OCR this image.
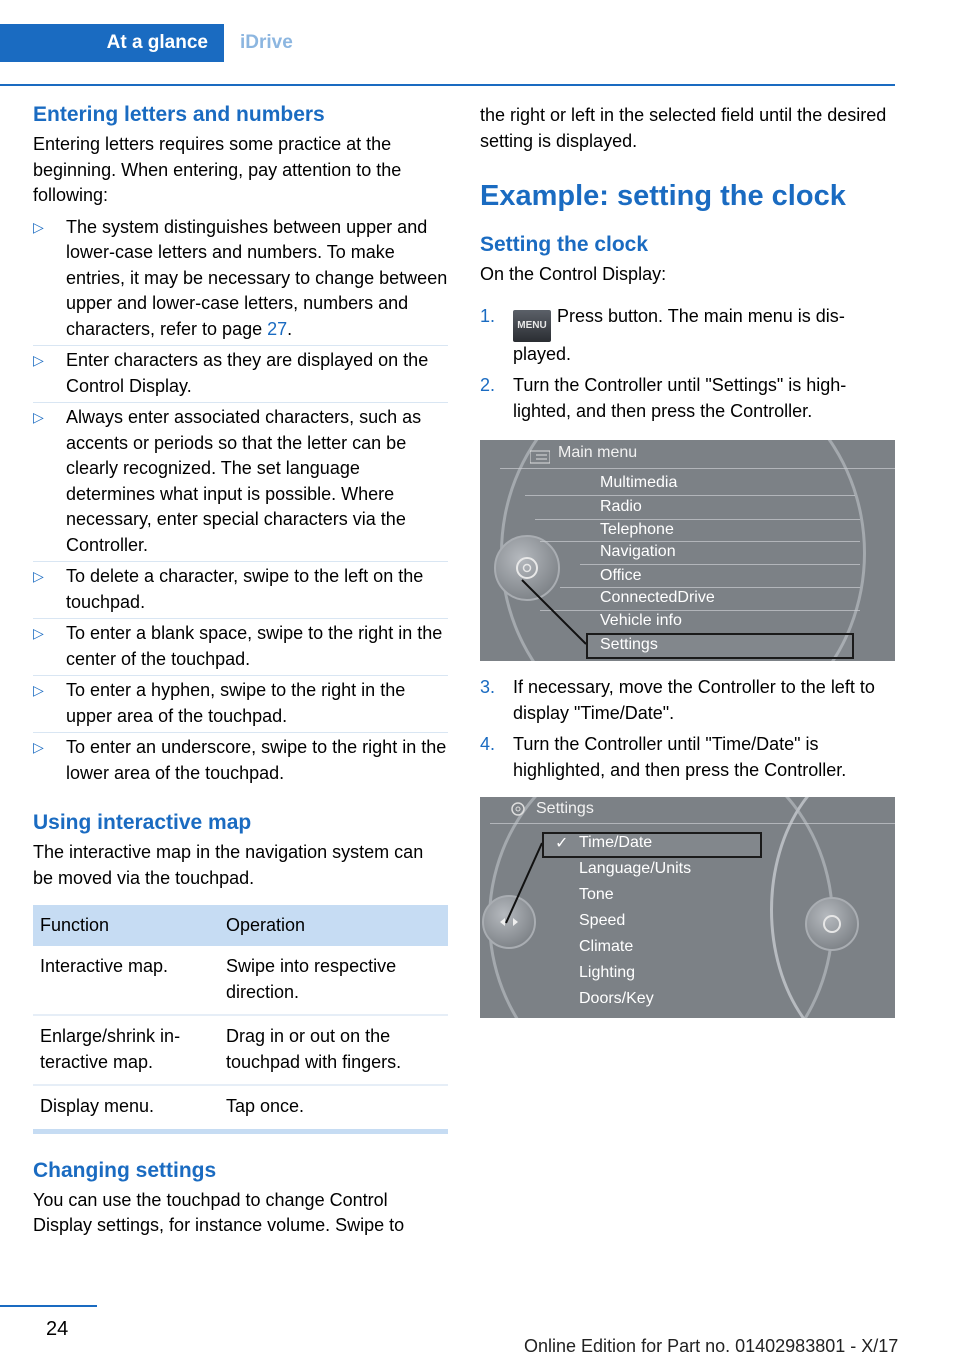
At a glance	iDrive
Entering letters and numbers

Entering letters requires some practice at the beginning. When entering, pay attention to the following:

▷ The system distinguishes between upper and lower-case letters and numbers. To make entries, it may be necessary to change between upper and lower-case letters, numbers and characters, refer to page 27.
▷ Enter characters as they are displayed on the Control Display.
▷ Always enter associated characters, such as accents or periods so that the letter can be clearly recognized. The set language determines what input is possible. Where necessary, enter special characters via the Controller.
▷ To delete a character, swipe to the left on the touchpad.
▷ To enter a blank space, swipe to the right in the center of the touchpad.
▷ To enter a hyphen, swipe to the right in the upper area of the touchpad.
▷ To enter an underscore, swipe to the right in the lower area of the touchpad.
Using interactive map

The interactive map in the navigation system can be moved via the touchpad.

Function	Operation
Interactive map.	Swipe into respective direction.
Enlarge/shrink interactive map.	Drag in or out on the touchpad with fingers.
Display menu.	Tap once.
Changing settings

You can use the touchpad to change Control Display settings, for instance volume. Swipe to

the right or left in the selected field until the desired setting is displayed.

Example: setting the clock
Setting the clock

On the Control Display:

1. MENU Press button. The main menu is displayed.
2. Turn the Controller until "Settings" is highlighted, and then press the Controller.
Main menu
Multimedia
Radio
Telephone
Navigation
Office
ConnectedDrive
Vehicle info
Settings
3. If necessary, move the Controller to the left to display "Time/Date".
4. Turn the Controller until "Time/Date" is highlighted, and then press the Controller.
Settings
✓ Time/Date
Language/Units
Tone
Speed
Climate
Lighting
Doors/Key
24
Online Edition for Part no. 01402983801 - X/17
